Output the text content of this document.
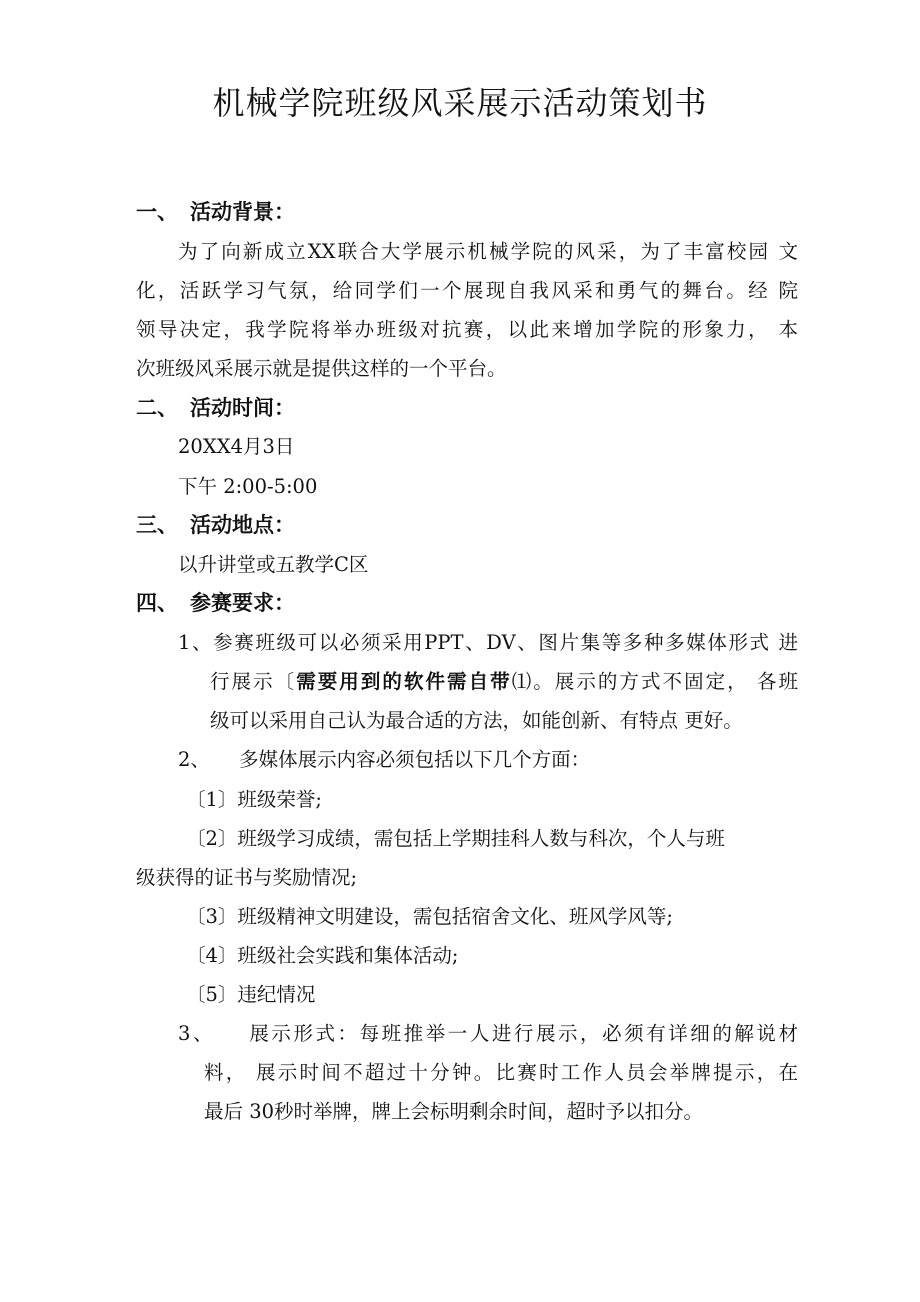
机械学院班级风采展示活动策划书
一、 活动背景：
为了向新成立XX联合大学展示机械学院的风采，为了丰富校园 文
化，活跃学习气氛，给同学们一个展现自我风采和勇气的舞台。经 院
领导决定，我学院将举办班级对抗赛，以此来增加学院的形象力， 本
次班级风采展示就是提供这样的一个平台。
二、 活动时间：
20XX4月3日
下午 2:00-5:00
三、 活动地点：
以升讲堂或五教学C区
四、 参赛要求：
1、参赛班级可以必须采用PPT、DV、图片集等多种多媒体形式 进
行展示〔需要用到的软件需自带⑴。展示的方式不固定， 各班
级可以采用自己认为最合适的方法，如能创新、有特点 更好。
2、　　多媒体展示内容必须包括以下几个方面：
〔1〕班级荣誉;
〔2〕班级学习成绩，需包括上学期挂科人数与科次，个人与班
级获得的证书与奖励情况;
〔3〕班级精神文明建设，需包括宿舍文化、班风学风等;
〔4〕班级社会实践和集体活动;
〔5〕违纪情况
3、　　展示形式：每班推举一人进行展示，必须有详细的解说材
料， 展示时间不超过十分钟。比赛时工作人员会举牌提示，在
最后 30秒时举牌，牌上会标明剩余时间，超时予以扣分。
